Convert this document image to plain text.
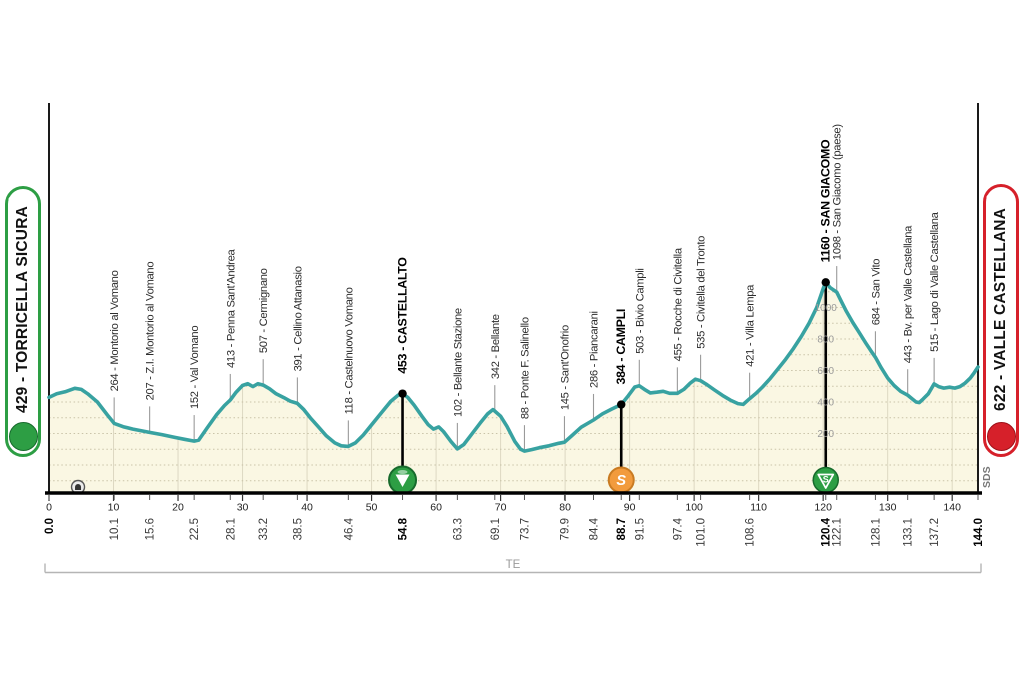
264 - Montorio al Vomano 207 - Z.I. Montorio al Vomano	152 - Val Vomano 413 - Penna Sant'Andrea 507 - Cermignano 391 - Cellino Attanasio	118 - Castelnuovo Vomano	453 - CASTELLALTO	102 - Bellante Stazione 342 - Bellante 88 - Ponte F. Salinello 145 - Sant'Onofrio 286 - Piancarani 384 - CAMPLI 503 - Bivio Campli 455 - Rocche di Civitella 535 - Civitella del Tronto	421 - Villa Lempa
1160 - SAN GIACOMO
1098 - San Giacomo (paese)
684 - San Vito 443 - Bv. per Valle Castellana 515 - Lago di Valle Castellana
200
400
600
800
1000
S	S
0	10	20	30	40	50	60	70	80	90	100	110	120	130	140
0.0	10.1 15.6	22.5 28.1 33.2 38.5	46.4	54.8	63.3 69.1 73.7 79.9 84.4 88.7 91.5 97.4 101.0	108.6	120.4
122.1 128.1 133.1 137.2	144.0
TE
SDS
429 - TORRICELLA SICURA	622 - VALLE CASTELLANA
